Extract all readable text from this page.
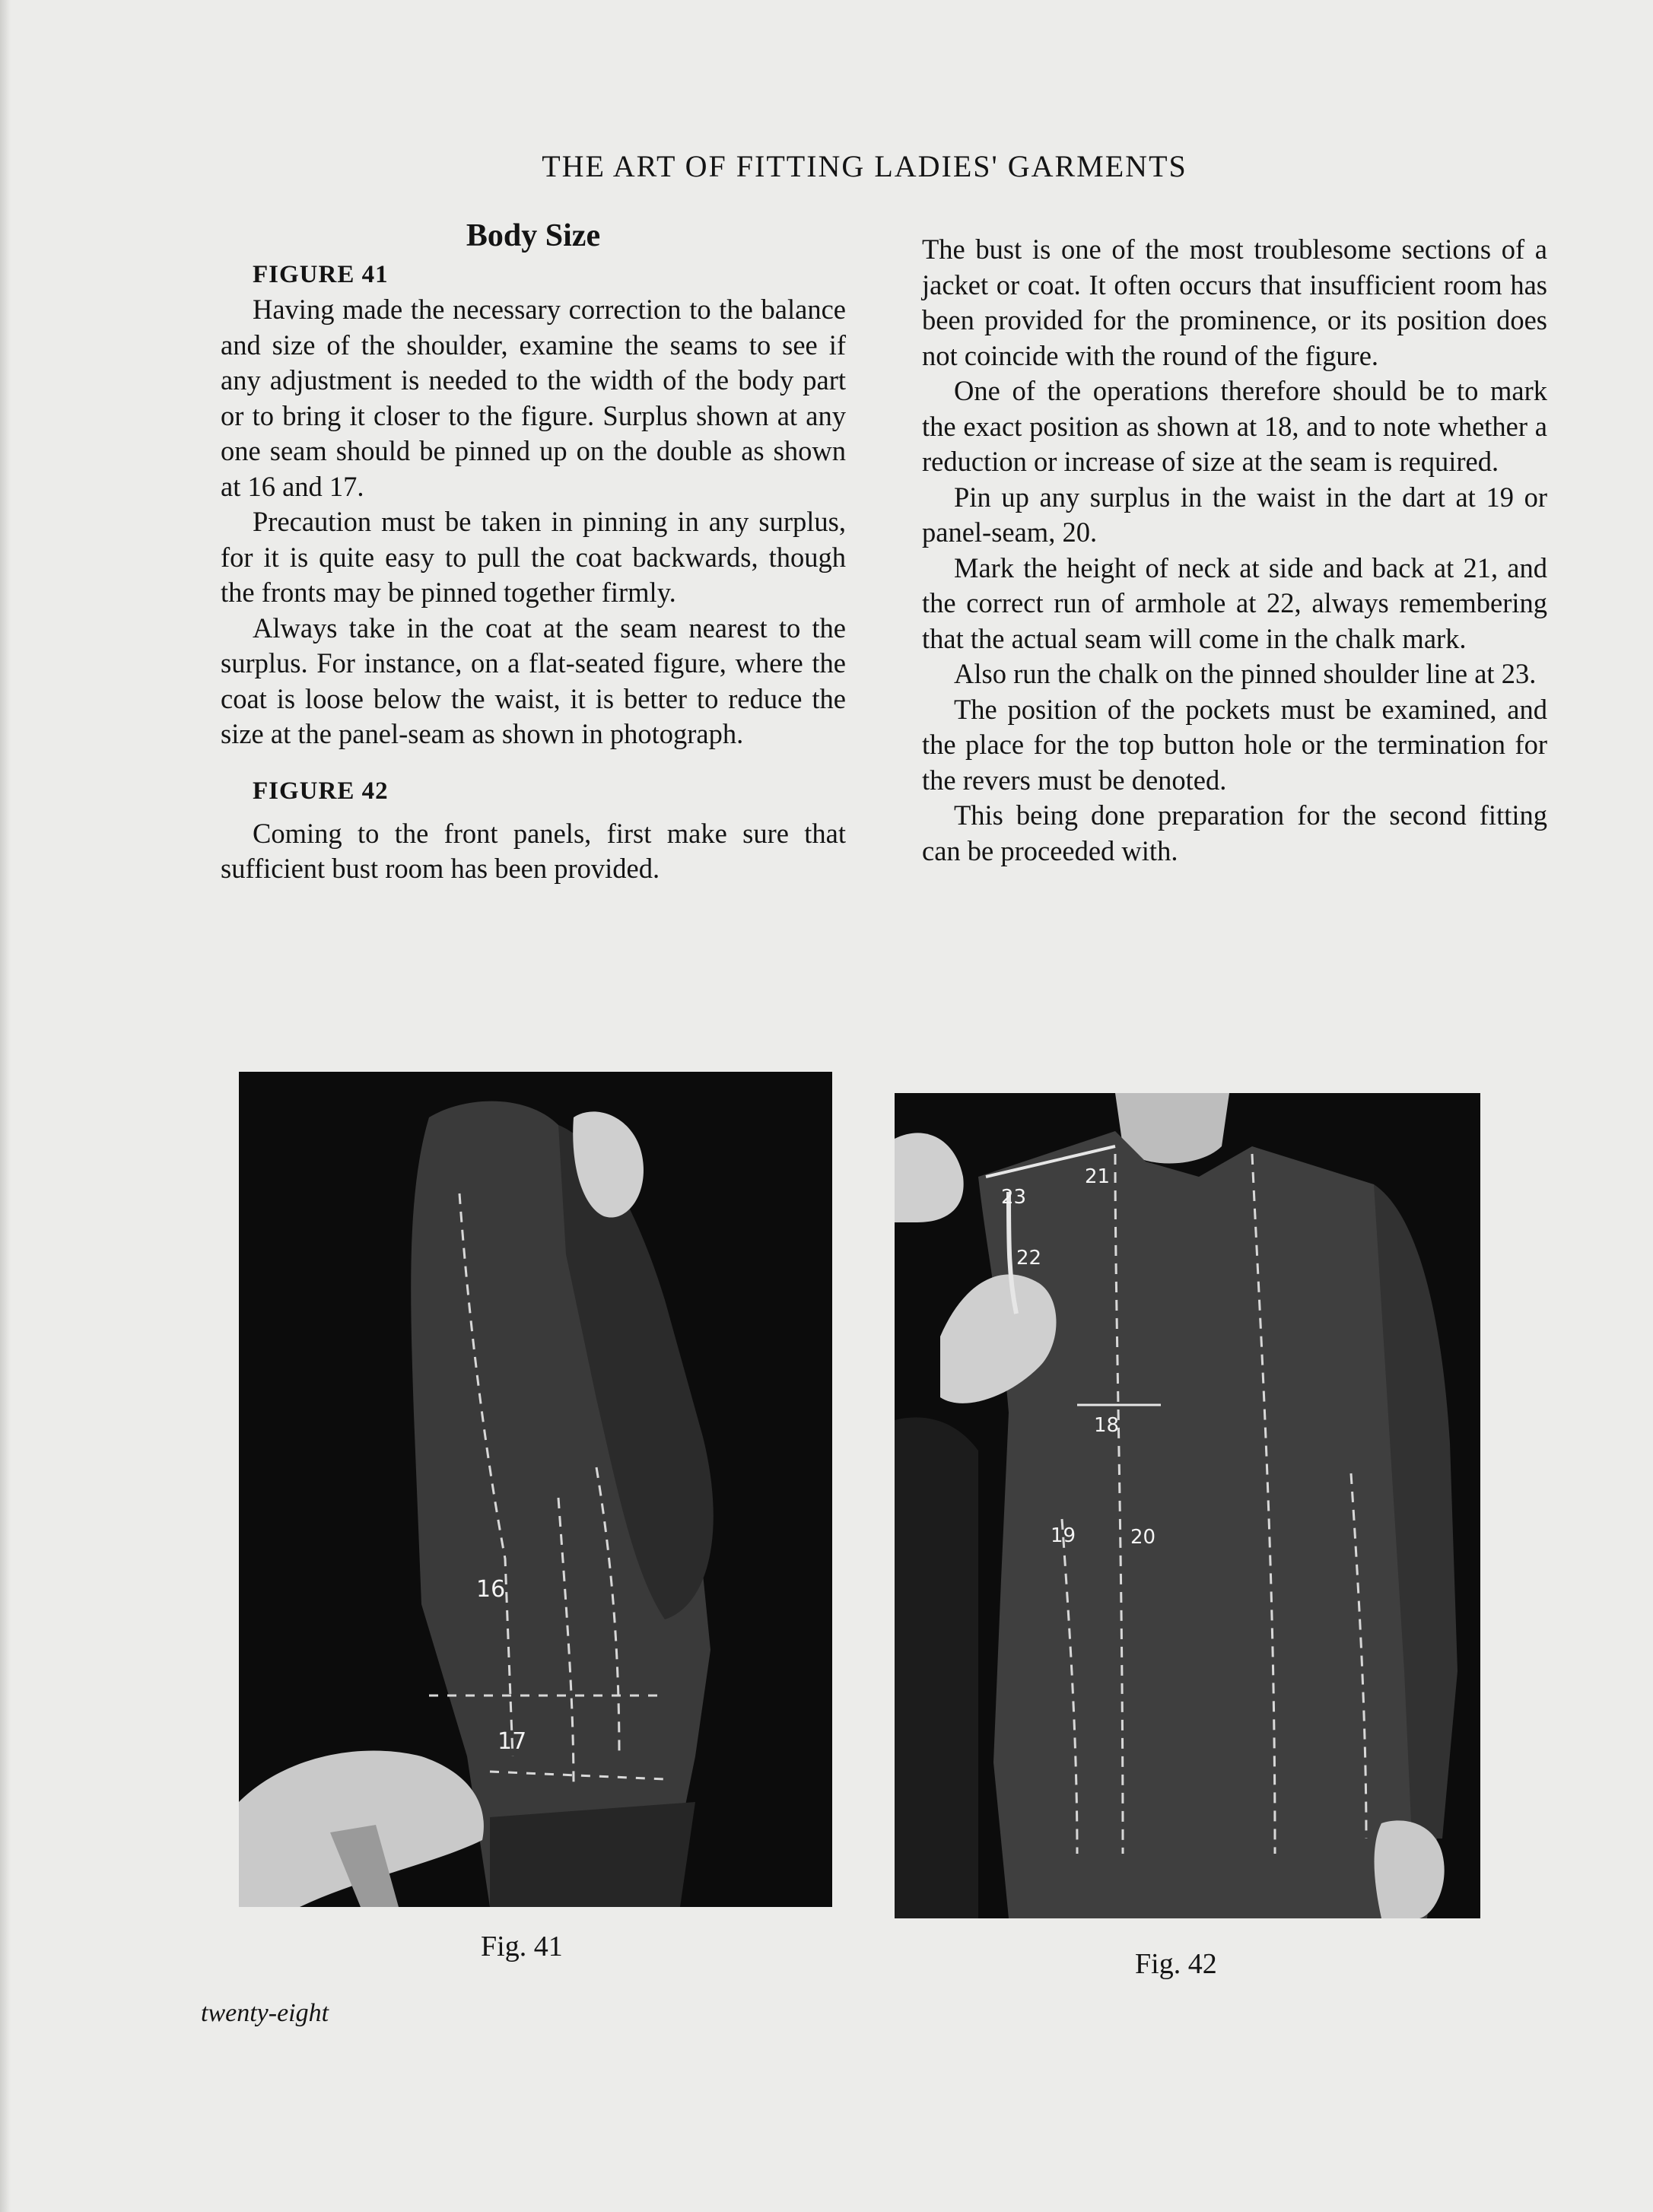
THE ART OF FITTING LADIES' GARMENTS
Body Size

FIGURE 41

Having made the necessary correction to the balance and size of the shoulder, examine the seams to see if any adjustment is needed to the width of the body part or to bring it closer to the figure. Surplus shown at any one seam should be pinned up on the double as shown at 16 and 17.

Precaution must be taken in pinning in any surplus, for it is quite easy to pull the coat backwards, though the fronts may be pinned together firmly.

Always take in the coat at the seam nearest to the surplus. For instance, on a flat-seated figure, where the coat is loose below the waist, it is better to reduce the size at the panel-seam as shown in photograph.

FIGURE 42

Coming to the front panels, first make sure that sufficient bust room has been provided.

The bust is one of the most troublesome sections of a jacket or coat. It often occurs that insufficient room has been provided for the prominence, or its position does not coincide with the round of the figure.

One of the operations therefore should be to mark the exact position as shown at 18, and to note whether a reduction or increase of size at the seam is required.

Pin up any surplus in the waist in the dart at 19 or panel-seam, 20.

Mark the height of neck at side and back at 21, and the correct run of armhole at 22, always remembering that the actual seam will come in the chalk mark.

Also run the chalk on the pinned shoulder line at 23.

The position of the pockets must be examined, and the place for the top button hole or the termination for the revers must be denoted.

This being done preparation for the second fitting can be proceeded with.

16
17
21
23
22
18
19	20
Fig. 41
Fig. 42
twenty-eight
